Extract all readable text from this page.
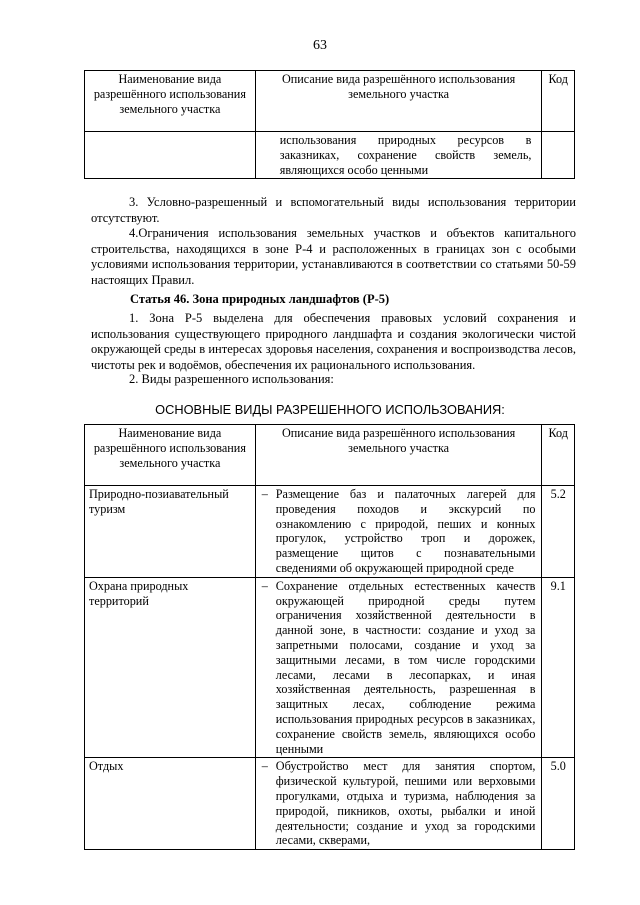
63
Наименование вида разрешённого использования земельного участка	Описание вида разрешённого использования земельного участка	Код

	использования природных ресурсов в заказниках, сохранение свойств земель, являющихся особо ценными	

3. Условно-разрешенный и вспомогательный виды использования территории отсутствуют.

4.Ограничения использования земельных участков и объектов капитального строительства, находящихся в зоне Р-4 и расположенных в границах зон с особыми условиями использования территории, устанавливаются в соответствии со статьями 50-59 настоящих Правил.

Статья 46. Зона природных ландшафтов (Р-5)

1. Зона Р-5 выделена для обеспечения правовых условий сохранения и использования существующего природного ландшафта и создания экологически чистой окружающей среды в интересах здоровья населения, сохранения и воспроизводства лесов, чистоты рек и водоёмов, обеспечения их рационального использования.

2. Виды разрешенного использования:

ОСНОВНЫЕ ВИДЫ РАЗРЕШЕННОГО ИСПОЛЬЗОВАНИЯ:
Наименование вида разрешённого использования земельного участка	Описание вида разрешённого использования земельного участка	Код
Природно-позиавательный туризм	– Размещение баз и палаточных лагерей для проведения походов и экскурсий по ознакомлению с природой, пеших и конных прогулок, устройство троп и дорожек, размещение щитов с познавательными сведениями об окружающей природной среде	5.2
Охрана природных территорий	– Сохранение отдельных естественных качеств окружающей природной среды путем ограничения хозяйственной деятельности в данной зоне, в частности: создание и уход за запретными полосами, создание и уход за защитными лесами, в том числе городскими лесами, лесами в лесопарках, и иная хозяйственная деятельность, разрешенная в защитных лесах, соблюдение режима использования природных ресурсов в заказниках, сохранение свойств земель, являющихся особо ценными	9.1
Отдых	– Обустройство мест для занятия спортом, физической культурой, пешими или верховыми прогулками, отдыха и туризма, наблюдения за природой, пикников, охоты, рыбалки и иной деятельности; создание и уход за городскими лесами, скверами,	5.0
